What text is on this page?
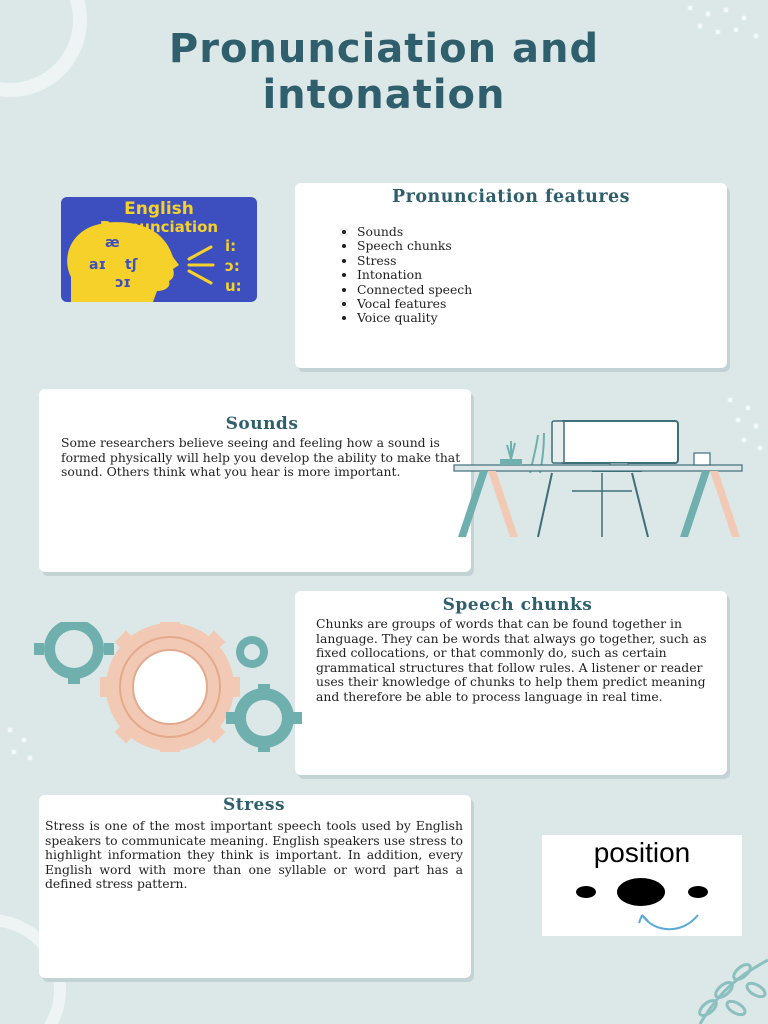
Pronunciation and
intonation
English
Pronunciation
æ
aɪ tʃ
ɪc
i:
ɔ:
u:
Pronunciation features
• Sounds
• Speech chunks
• Stress
• Intonation
• Connected speech
• Vocal features
• Voice quality
Sounds

Some researchers believe seeing and feeling how a sound is formed physically will help you develop the ability to make that sound. Others think what you hear is more important.

Speech chunks

Chunks are groups of words that can be found together in language. They can be words that always go together, such as fixed collocations, or that commonly do, such as certain grammatical structures that follow rules. A listener or reader uses their knowledge of chunks to help them predict meaning and therefore be able to process language in real time.

Stress

Stress is one of the most important speech tools used by English speakers to communicate meaning. English speakers use stress to highlight information they think is important. In addition, every English word with more than one syllable or word part has a defined stress pattern.

position
